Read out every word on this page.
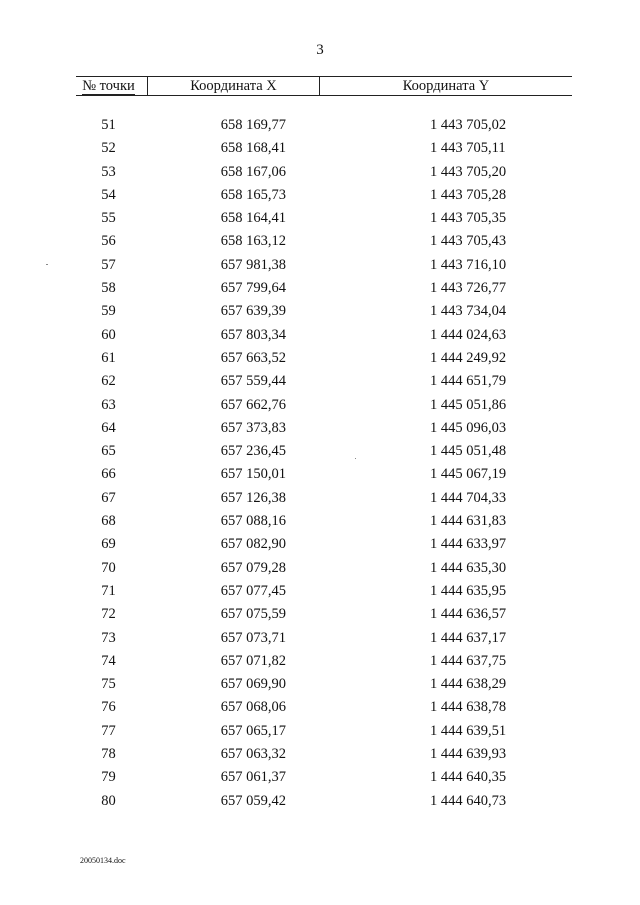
3
№ точки	Координата X	Координата Y
51	658 169,77	1 443 705,02
52	658 168,41	1 443 705,11
53	658 167,06	1 443 705,20
54	658 165,73	1 443 705,28
55	658 164,41	1 443 705,35
56	658 163,12	1 443 705,43
57	657 981,38	1 443 716,10
58	657 799,64	1 443 726,77
59	657 639,39	1 443 734,04
60	657 803,34	1 444 024,63
61	657 663,52	1 444 249,92
62	657 559,44	1 444 651,79
63	657 662,76	1 445 051,86
64	657 373,83	1 445 096,03
65	657 236,45	1 445 051,48
66	657 150,01	1 445 067,19
67	657 126,38	1 444 704,33
68	657 088,16	1 444 631,83
69	657 082,90	1 444 633,97
70	657 079,28	1 444 635,30
71	657 077,45	1 444 635,95
72	657 075,59	1 444 636,57
73	657 073,71	1 444 637,17
74	657 071,82	1 444 637,75
75	657 069,90	1 444 638,29
76	657 068,06	1 444 638,78
77	657 065,17	1 444 639,51
78	657 063,32	1 444 639,93
79	657 061,37	1 444 640,35
80	657 059,42	1 444 640,73
20050134.doc
